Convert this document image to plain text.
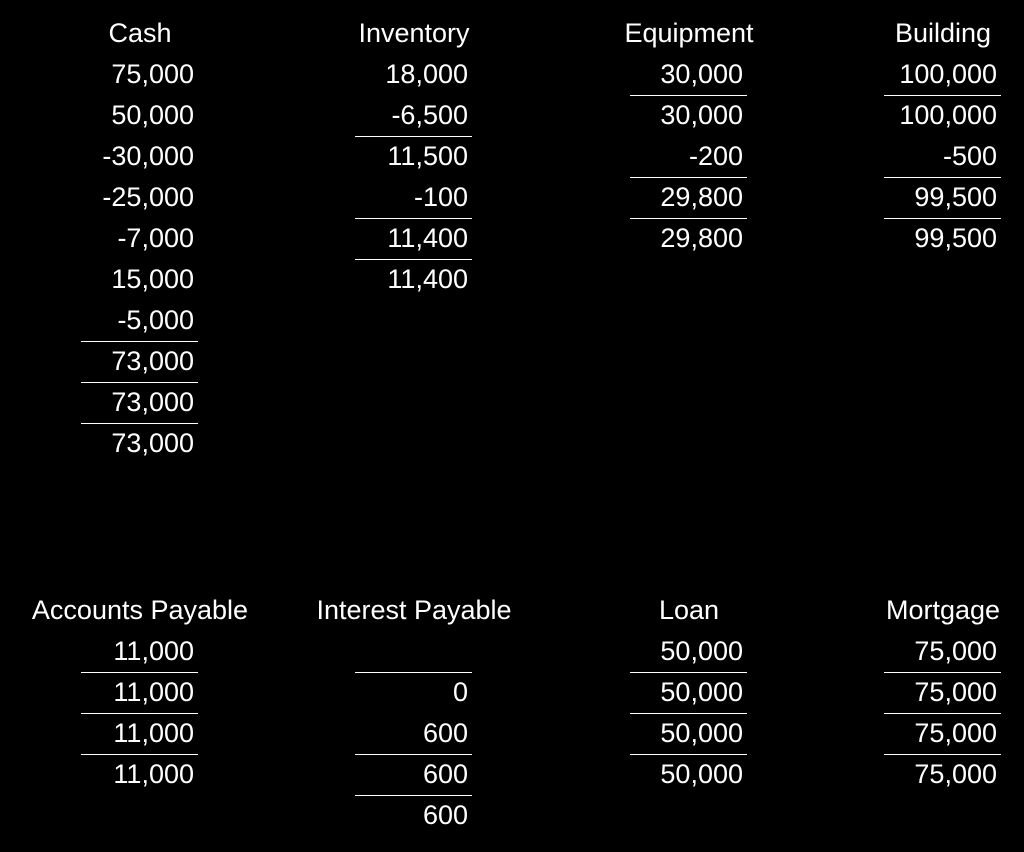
Cash
75,000
50,000
-30,000
-25,000
-7,000
15,000
-5,000
73,000
73,000
73,000
Inventory
18,000
-6,500
11,500
-100
11,400
11,400
Equipment
30,000
30,000
-200
29,800
29,800
Building
100,000
100,000
-500
99,500
99,500
Accounts Payable
11,000
11,000
11,000
11,000
Interest Payable
0
600
600
600
Loan
50,000
50,000
50,000
50,000
Mortgage
75,000
75,000
75,000
75,000
